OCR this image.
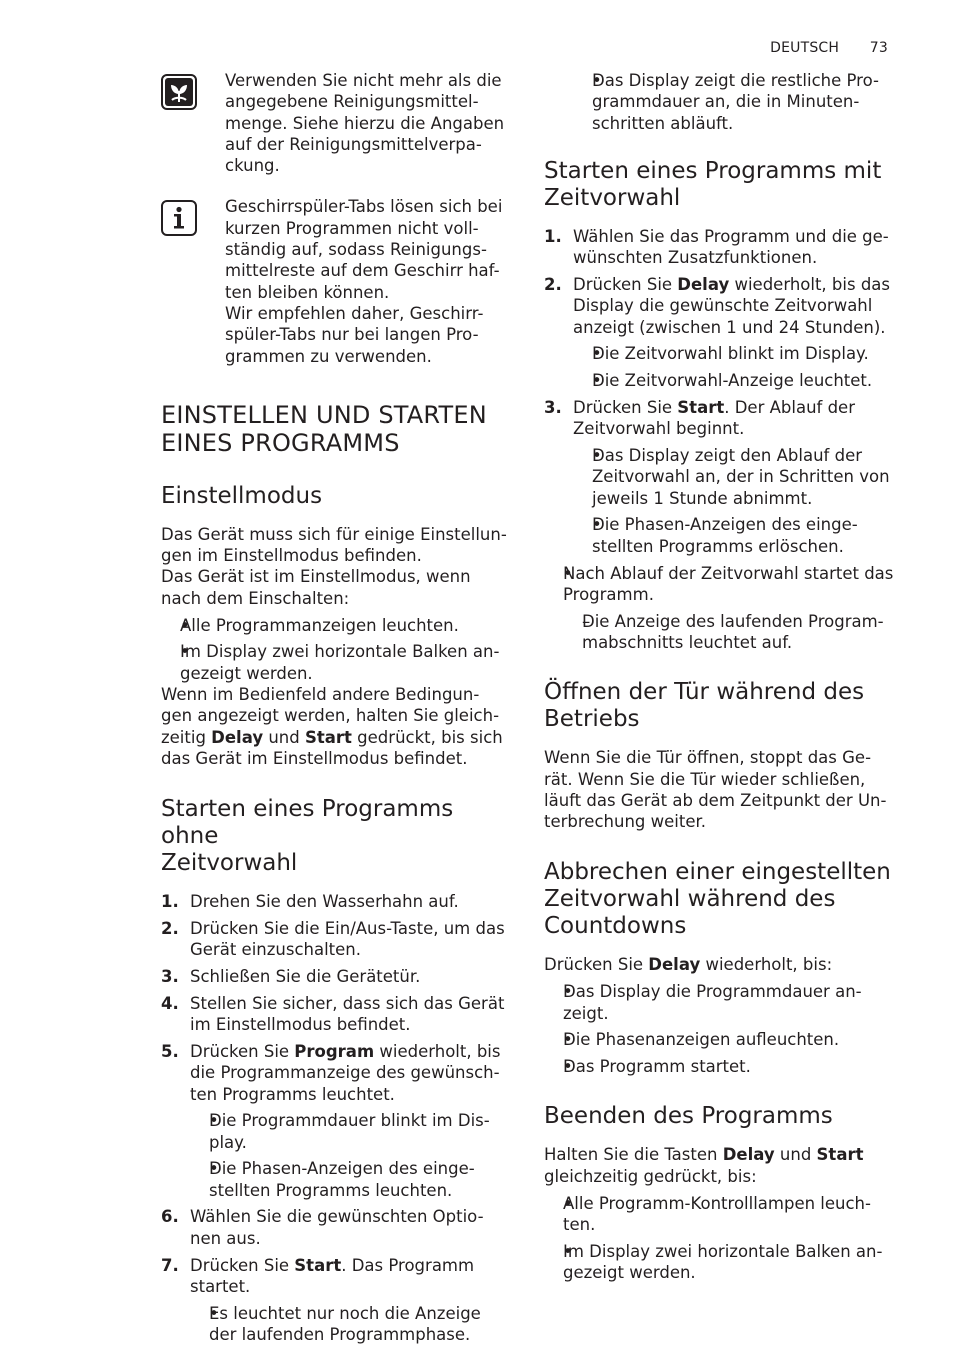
DEUTSCH 73

Verwenden Sie nicht mehr als die
angegebene Reinigungsmittel-
menge. Siehe hierzu die Angaben
auf der Reinigungsmittelverpa-
ckung.

Geschirrspüler-Tabs lösen sich bei
kurzen Programmen nicht voll-
ständig auf, sodass Reinigungs-
mittelreste auf dem Geschirr haf-
ten bleiben können.
Wir empfehlen daher, Geschirr-
spüler-Tabs nur bei langen Pro-
grammen zu verwenden.

EINSTELLEN UND STARTEN
EINES PROGRAMMS
Einstellmodus

Das Gerät muss sich für einige Einstellun-
gen im Einstellmodus befinden.
Das Gerät ist im Einstellmodus, wenn
nach dem Einschalten:

• Alle Programmanzeigen leuchten.
• Im Display zwei horizontale Balken an-
gezeigt werden.

Wenn im Bedienfeld andere Bedingun-
gen angezeigt werden, halten Sie gleich-
zeitig Delay und Start gedrückt, bis sich
das Gerät im Einstellmodus befindet.

Starten eines Programms ohne
Zeitvorwahl
1. Drehen Sie den Wasserhahn auf.
2. Drücken Sie die Ein/Aus-Taste, um das
Gerät einzuschalten.
3. Schließen Sie die Gerätetür.
4. Stellen Sie sicher, dass sich das Gerät
im Einstellmodus befindet.
5. Drücken Sie Program wiederholt, bis
die Programmanzeige des gewünsch-
ten Programms leuchtet.
• Die Programmdauer blinkt im Dis-
play.
• Die Phasen-Anzeigen des einge-
stellten Programms leuchten.
6. Wählen Sie die gewünschten Optio-
nen aus.
7. Drücken Sie Start. Das Programm
startet.
• Es leuchtet nur noch die Anzeige
der laufenden Programmphase.
• Das Display zeigt die restliche Pro-
grammdauer an, die in Minuten-
schritten abläuft.
Starten eines Programms mit
Zeitvorwahl
1. Wählen Sie das Programm und die ge-
wünschten Zusatzfunktionen.
2. Drücken Sie Delay wiederholt, bis das
Display die gewünschte Zeitvorwahl
anzeigt (zwischen 1 und 24 Stunden).
• Die Zeitvorwahl blinkt im Display.
• Die Zeitvorwahl-Anzeige leuchtet.
3. Drücken Sie Start. Der Ablauf der
Zeitvorwahl beginnt.
• Das Display zeigt den Ablauf der
Zeitvorwahl an, der in Schritten von
jeweils 1 Stunde abnimmt.
• Die Phasen-Anzeigen des einge-
stellten Programms erlöschen.
• Nach Ablauf der Zeitvorwahl startet das
Programm.
– Die Anzeige des laufenden Program-
mabschnitts leuchtet auf.
Öffnen der Tür während des
Betriebs

Wenn Sie die Tür öffnen, stoppt das Ge-
rät. Wenn Sie die Tür wieder schließen,
läuft das Gerät ab dem Zeitpunkt der Un-
terbrechung weiter.

Abbrechen einer eingestellten
Zeitvorwahl während des
Countdowns

Drücken Sie Delay wiederholt, bis:

• Das Display die Programmdauer an-
zeigt.
• Die Phasenanzeigen aufleuchten.
• Das Programm startet.
Beenden des Programms

Halten Sie die Tasten Delay und Start
gleichzeitig gedrückt, bis:

• Alle Programm-Kontrolllampen leuch-
ten.
• Im Display zwei horizontale Balken an-
gezeigt werden.
